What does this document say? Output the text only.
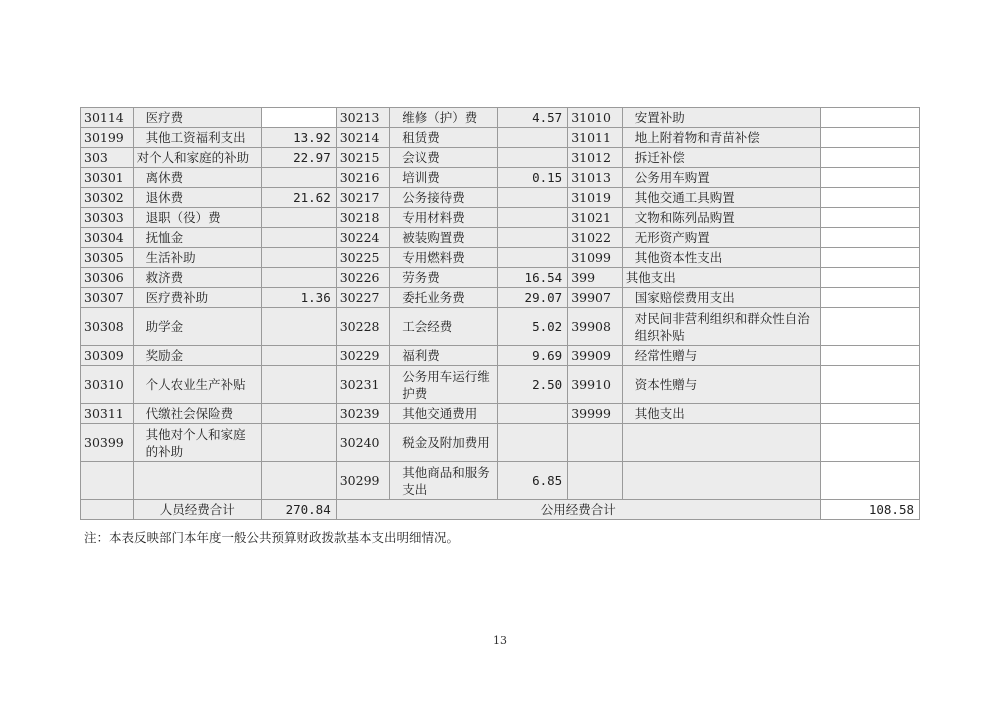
30114	医疗费		30213	维修（护）费	4.57	31010	安置补助	
30199	其他工资福利支出	13.92	30214	租赁费		31011	地上附着物和青苗补偿	
303	对个人和家庭的补助	22.97	30215	会议费		31012	拆迁补偿	
30301	离休费		30216	培训费	0.15	31013	公务用车购置	
30302	退休费	21.62	30217	公务接待费		31019	其他交通工具购置	
30303	退职（役）费		30218	专用材料费		31021	文物和陈列品购置	
30304	抚恤金		30224	被装购置费		31022	无形资产购置	
30305	生活补助		30225	专用燃料费		31099	其他资本性支出	
30306	救济费		30226	劳务费	16.54	399	其他支出	
30307	医疗费补助	1.36	30227	委托业务费	29.07	39907	国家赔偿费用支出	
30308	助学金		30228	工会经费	5.02	39908	对民间非营利组织和群众性自治组织补贴	
30309	奖励金		30229	福利费	9.69	39909	经常性赠与	
30310	个人农业生产补贴		30231	公务用车运行维护费	2.50	39910	资本性赠与	
30311	代缴社会保险费		30239	其他交通费用		39999	其他支出	
30399	其他对个人和家庭的补助		30240	税金及附加费用				
			30299	其他商品和服务支出	6.85			
	人员经费合计	270.84	公用经费合计					108.58
注：本表反映部门本年度一般公共预算财政拨款基本支出明细情况。
13
